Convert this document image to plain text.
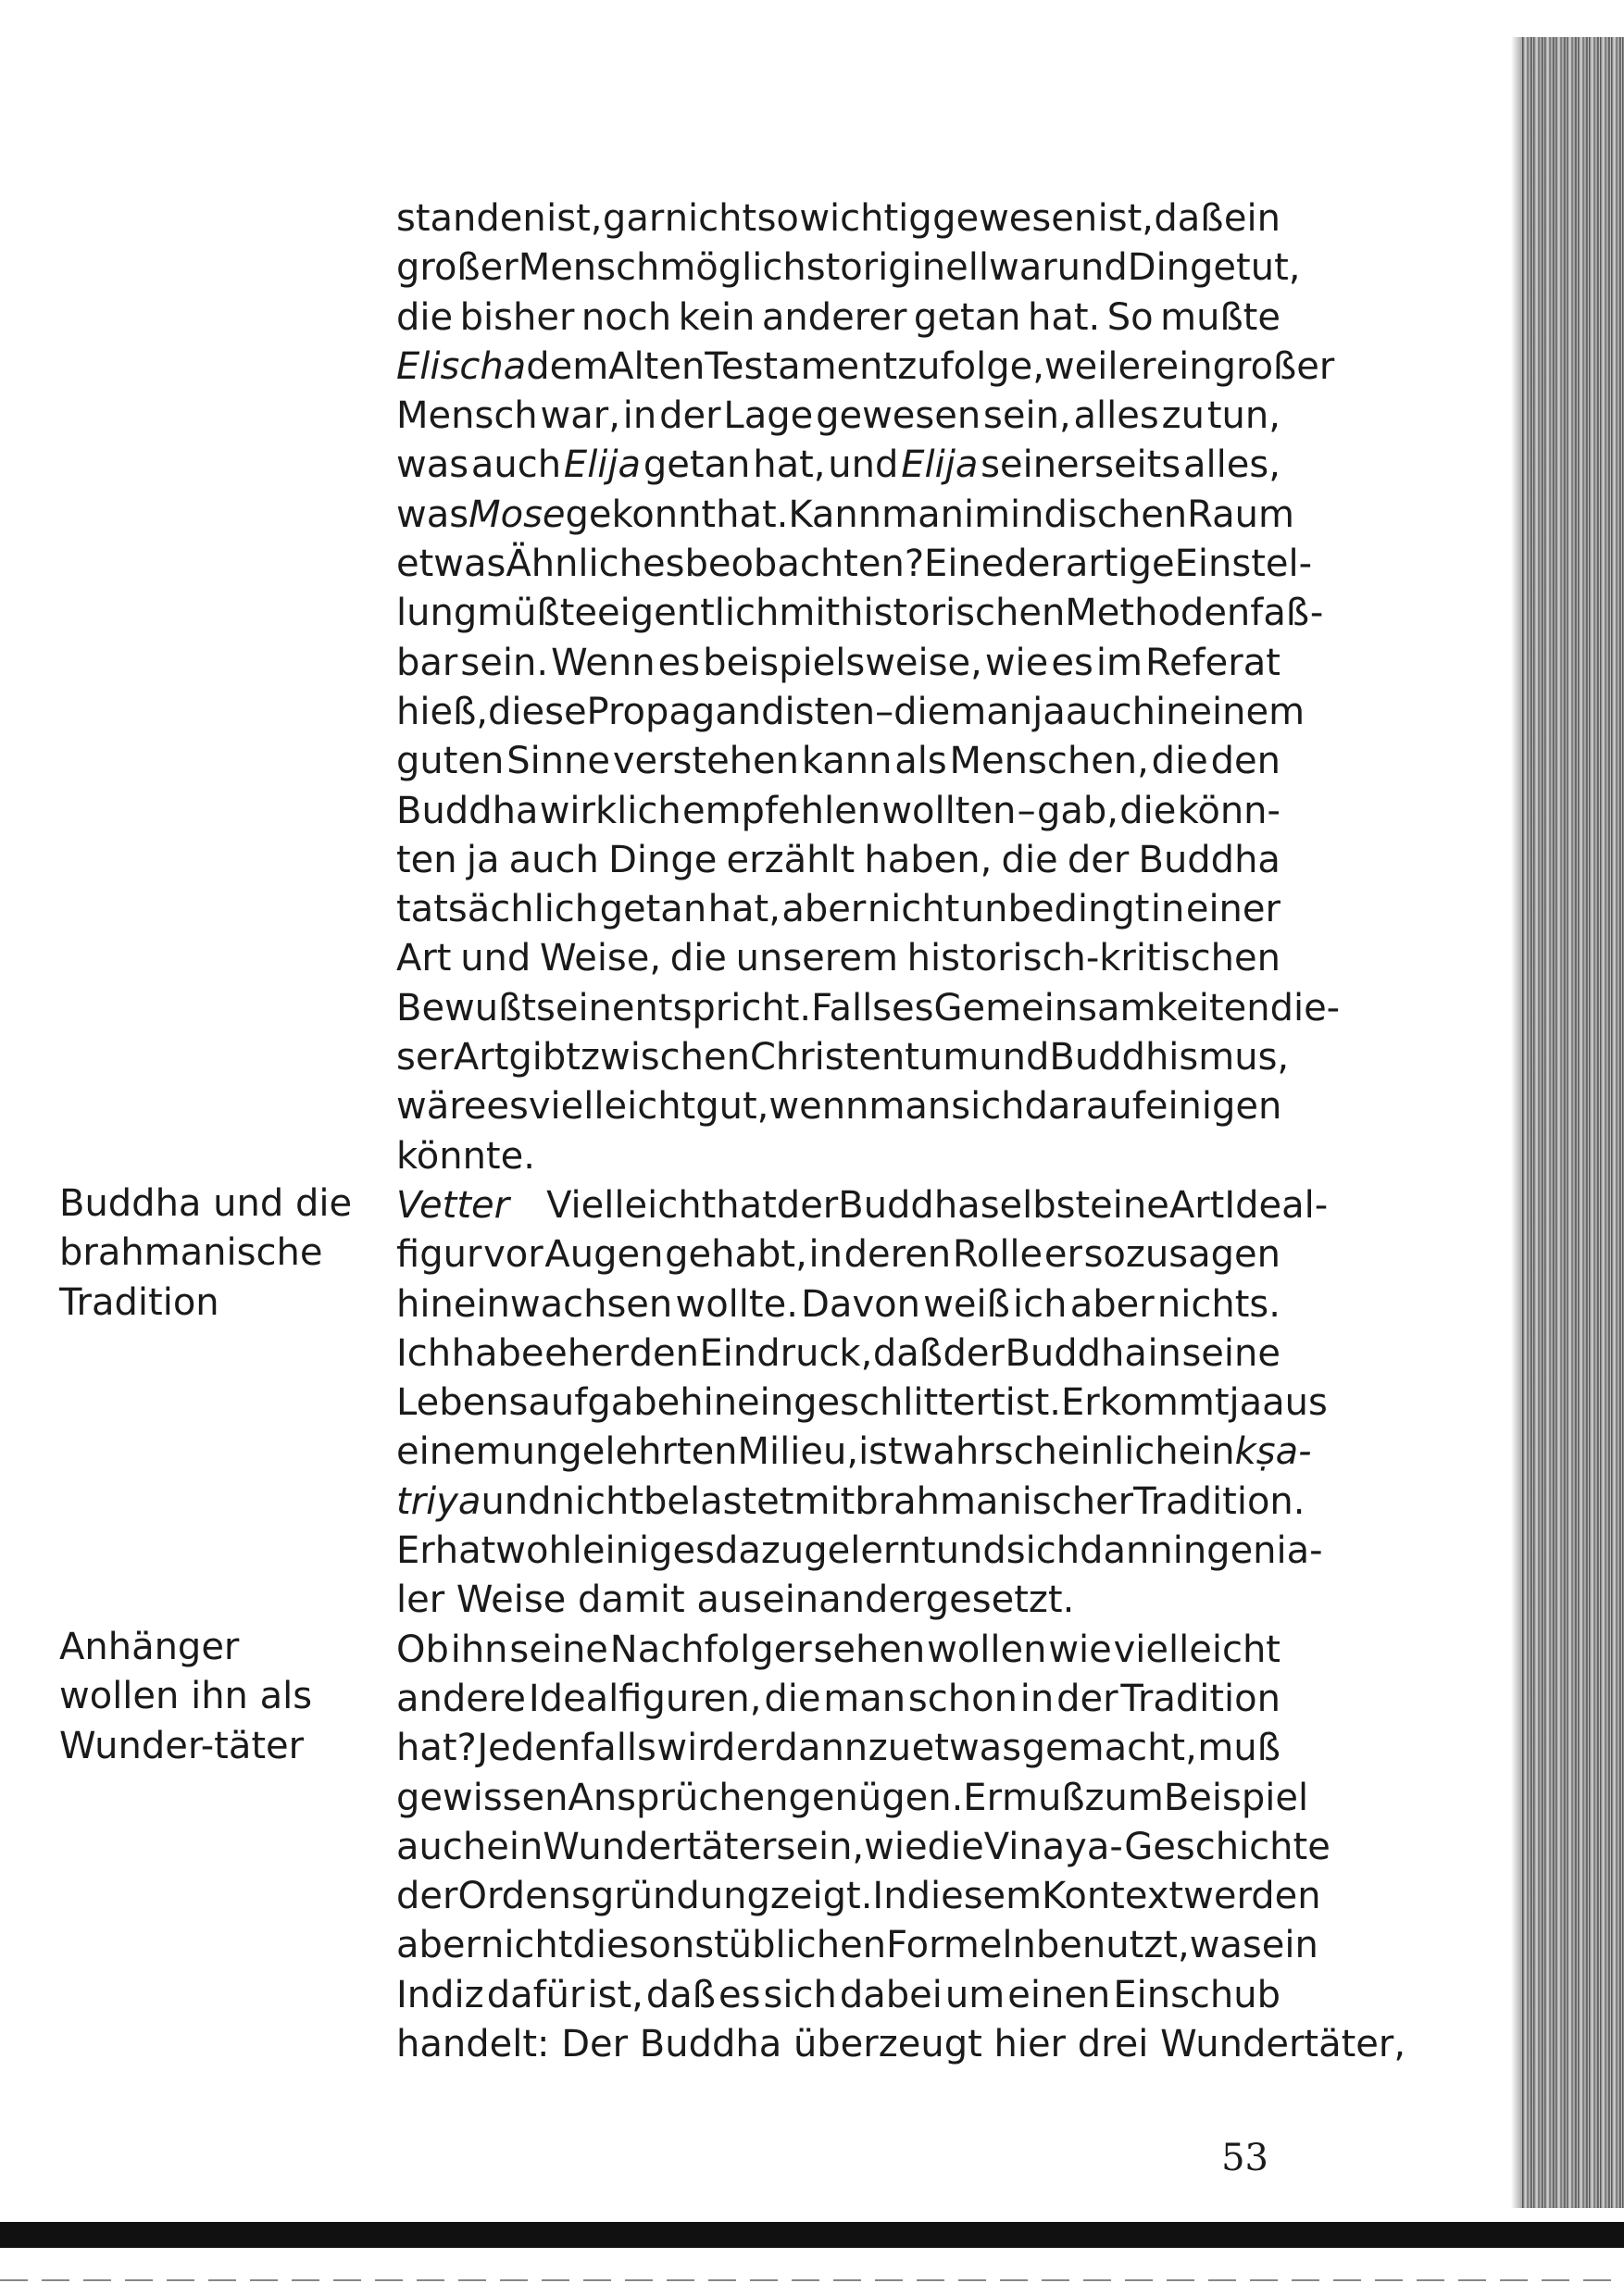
Buddha und die brahmanische Tradition
Anhänger wollen ihn als Wunder-täter
standen ist, gar nicht so wichtig gewesen ist, daß ein
großer Mensch möglichst originell war und Dinge tut,
die bisher noch kein anderer getan hat. So mußte
Elischa dem Alten Testament zufolge, weil er ein großer
Mensch war, in der Lage gewesen sein, alles zu tun,
was auch Elija getan hat, und Elija seinerseits alles,
was Mose gekonnt hat. Kann man im indischen Raum
etwas Ähnliches beobachten? Eine derartige Einstel-
lung müßte eigentlich mit historischen Methoden faß-
bar sein. Wenn es beispielsweise, wie es im Referat
hieß, diese Propagandisten – die man ja auch in einem
guten Sinne verstehen kann als Menschen, die den
Buddha wirklich empfehlen wollten – gab, die könn-
ten ja auch Dinge erzählt haben, die der Buddha
tatsächlich getan hat, aber nicht unbedingt in einer
Art und Weise, die unserem historisch-kritischen
Bewußtsein entspricht. Falls es Gemeinsamkeiten die-
ser Art gibt zwischen Christentum und Buddhismus,
wäre es vielleicht gut, wenn man sich darauf einigen
könnte.
Vetter Vielleicht hat der Buddha selbst eine Art Ideal-
figur vor Augen gehabt, in deren Rolle er sozusagen
hineinwachsen wollte. Davon weiß ich aber nichts.
Ich habe eher den Eindruck, daß der Buddha in seine
Lebensaufgabe hineingeschlittert ist. Er kommt ja aus
einem ungelehrten Milieu, ist wahrscheinlich ein kṣa-
triya und nicht belastet mit brahmanischer Tradition.
Er hat wohl einiges dazugelernt und sich dann in genia-
ler Weise damit auseinandergesetzt.
Ob ihn seine Nachfolger sehen wollen wie vielleicht
andere Idealfiguren, die man schon in der Tradition
hat? Jedenfalls wird er dann zu etwas gemacht, muß
gewissen Ansprüchen genügen. Er muß zum Beispiel
auch ein Wundertäter sein, wie die Vinaya-Geschichte
der Ordensgründung zeigt. In diesem Kontext werden
aber nicht die sonst üblichen Formeln benutzt, was ein
Indiz dafür ist, daß es sich dabei um einen Einschub
handelt: Der Buddha überzeugt hier drei Wundertäter,
53
